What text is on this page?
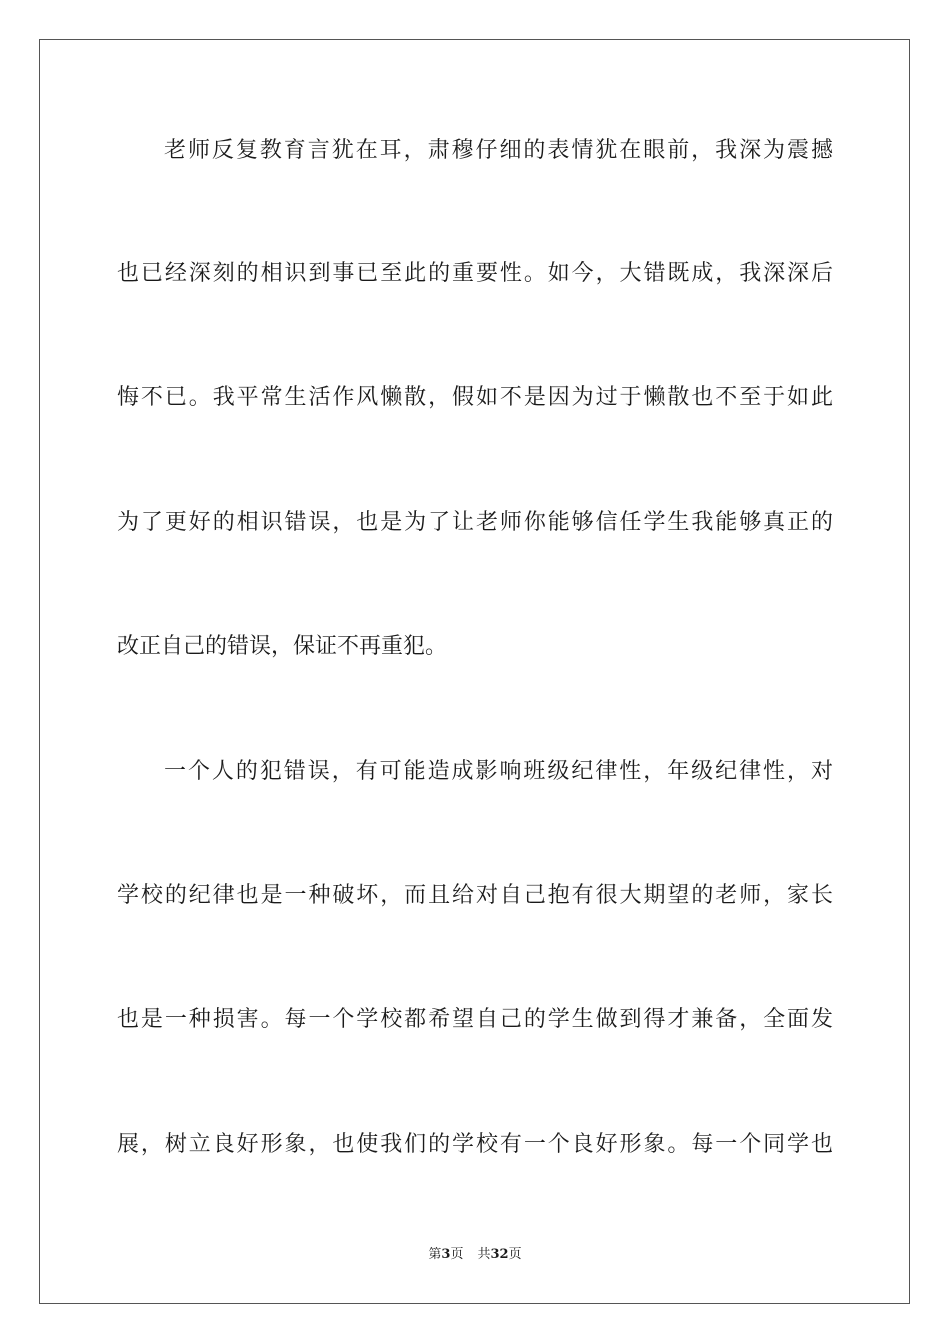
老师反复教育言犹在耳，肃穆仔细的表情犹在眼前，我深为震撼
也已经深刻的相识到事已至此的重要性。如今，大错既成，我深深后
悔不已。我平常生活作风懒散，假如不是因为过于懒散也不至于如此
为了更好的相识错误，也是为了让老师你能够信任学生我能够真正的
改正自己的错误，保证不再重犯。
一个人的犯错误，有可能造成影响班级纪律性，年级纪律性，对
学校的纪律也是一种破坏，而且给对自己抱有很大期望的老师，家长
也是一种损害。每一个学校都希望自己的学生做到得才兼备，全面发
展，树立良好形象，也使我们的学校有一个良好形象。每一个同学也
第3页 共32页
